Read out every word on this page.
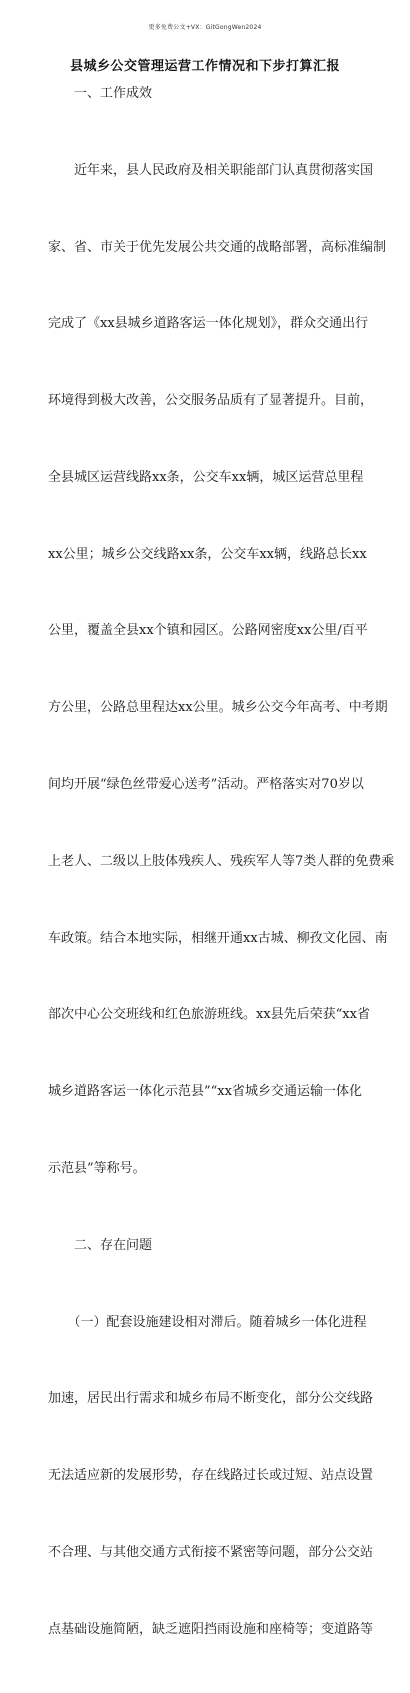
更多免费公文+VX：GitGongWen2024
县城乡公交管理运营工作情况和下步打算汇报
一、工作成效

　　近年来，县人民政府及相关职能部门认真贯彻落实国

家、省、市关于优先发展公共交通的战略部署，高标准编制

完成了《xx县城乡道路客运一体化规划》，群众交通出行

环境得到极大改善，公交服务品质有了显著提升。目前，

全县城区运营线路xx条，公交车xx辆，城区运营总里程

xx公里；城乡公交线路xx条，公交车xx辆，线路总长xx

公里，覆盖全县xx个镇和园区。公路网密度xx公里/百平

方公里，公路总里程达xx公里。城乡公交今年高考、中考期

间均开展“绿色丝带爱心送考”活动。严格落实对70岁以

上老人、二级以上肢体残疾人、残疾军人等7类人群的免费乘

车政策。结合本地实际，相继开通xx古城、柳孜文化园、南

部次中心公交班线和红色旅游班线。xx县先后荣获“xx省

城乡道路客运一体化示范县”“xx省城乡交通运输一体化

示范县”等称号。

二、存在问题

　　（一）配套设施建设相对滞后。随着城乡一体化进程

加速，居民出行需求和城乡布局不断变化，部分公交线路

无法适应新的发展形势，存在线路过长或过短、站点设置

不合理、与其他交通方式衔接不紧密等问题，部分公交站

点基础设施简陋，缺乏遮阳挡雨设施和座椅等；变道路等
